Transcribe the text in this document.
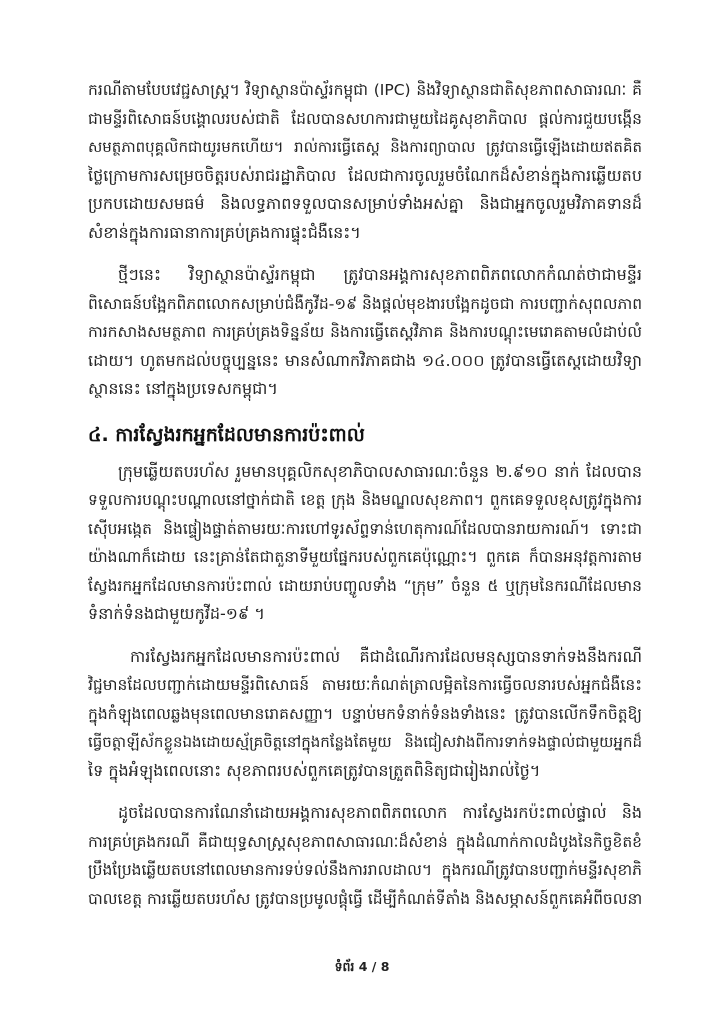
ករណីតាមបែបវេជ្ជសាស្ត្រ។ វិទ្យាស្ថានប៉ាស្ទ័រកម្ពុជា (IPC) និងវិទ្យាស្ថានជាតិសុខភាពសាធារណៈ គឺ
ជាមន្ទីរពិសោធន៍បង្គោលរបស់ជាតិ ដែលបានសហការជាមួយដៃគូសុខាភិបាល ផ្តល់ការជួយបង្កើន
សមត្ថភាពបុគ្គលិកជាយូរមកហើយ។ រាល់ការធ្វើតេស្ត និងការព្យាបាល ត្រូវបានធ្វើឡើងដោយឥតគិត
ថ្លៃក្រោមការសម្រេចចិត្តរបស់រាជរដ្ឋាភិបាល ដែលជាការចូលរួមចំណែកដ៏សំខាន់ក្នុងការឆ្លើយតប
ប្រកបដោយសមធម៌ និងលទ្ធភាពទទួលបានសម្រាប់ទាំងអស់គ្នា និងជាអ្នកចូលរួមវិភាគទានដ៏
សំខាន់ក្នុងការធានាការគ្រប់គ្រងការផ្ទុះជំងឺនេះ។
ថ្មីៗនេះ វិទ្យាស្ថានប៉ាស្ទ័រកម្ពុជា ត្រូវបានអង្គការសុខភាពពិភពលោកកំណត់ថាជាមន្ទីរ
ពិសោធន៍បង្អែកពិភពលោកសម្រាប់ជំងឺកូវីដ-១៩ និងផ្តល់មុខងារបង្អែកដូចជា ការបញ្ជាក់សុពលភាព
ការកសាងសមត្ថភាព ការគ្រប់គ្រងទិន្នន័យ និងការធ្វើតេស្តវិភាគ និងការបណ្តុះមេរោគតាមលំដាប់លំ
ដោយ។ ហូតមកដល់បច្ចុប្បន្ននេះ មានសំណាកវិភាគជាង ១៤.០០០ ត្រូវបានធ្វើតេស្តដោយវិទ្យា
ស្ថាននេះ នៅក្នុងប្រទេសកម្ពុជា។
៤. ការស្វែងរកអ្នកដែលមានការប៉ះពាល់
ក្រុមឆ្លើយតបរហ័ស រួមមានបុគ្គលិកសុខាភិបាលសាធារណៈចំនួន ២.៩១០ នាក់ ដែលបាន
ទទួលការបណ្តុះបណ្តាលនៅថ្នាក់ជាតិ ខេត្ត ក្រុង និងមណ្ឌលសុខភាព។ ពួកគេទទួលខុសត្រូវក្នុងការ
ស៊ើបអង្កេត និងផ្ទៀងផ្ទាត់តាមរយៈការហៅទូរស័ព្ទទាន់ហេតុការណ៍ដែលបានរាយការណ៍។ ទោះជា
យ៉ាងណាក៏ដោយ នេះគ្រាន់តែជាតួនាទីមួយផ្នែករបស់ពួកគេប៉ុណ្ណោះ។ ពួកគេ ក៏បានអនុវត្តការតាម
ស្វែងរកអ្នកដែលមានការប៉ះពាល់ ដោយរាប់បញ្ចូលទាំង “ក្រុម” ចំនួន ៥ ឬក្រុមនៃករណីដែលមាន
ទំនាក់ទំនងជាមួយកូវីដ-១៩ ។
ការស្វែងរកអ្នកដែលមានការប៉ះពាល់ គឺជាដំណើរការដែលមនុស្សបានទាក់ទងនឹងករណី
វិជ្ជមានដែលបញ្ជាក់ដោយមន្ទីរពិសោធន៍ តាមរយៈកំណត់ត្រាលម្អិតនៃការធ្វើចលនារបស់អ្នកជំងឺនេះ
ក្នុងកំឡុងពេលឆ្លងមុនពេលមានរោគសញ្ញា។ បន្ទាប់មកទំនាក់ទំនងទាំងនេះ ត្រូវបានលើកទឹកចិត្តឱ្យ
ធ្វើចត្តាឡីស័កខ្លួនឯងដោយស្ម័គ្រចិត្តនៅក្នុងកន្លែងតែមួយ និងជៀសវាងពីការទាក់ទងផ្ទាល់ជាមួយអ្នកដ៏
ទៃ ក្នុងអំឡុងពេលនោះ សុខភាពរបស់ពួកគេត្រូវបានត្រួតពិនិត្យជារៀងរាល់ថ្ងៃ។
ដូចដែលបានការណែនាំដោយអង្គការសុខភាពពិភពលោក ការស្វែងរកប៉ះពាល់ផ្ទាល់ និង
ការគ្រប់គ្រងករណី គឺជាយុទ្ធសាស្ត្រសុខភាពសាធារណៈដ៏សំខាន់ ក្នុងដំណាក់កាលដំបូងនៃកិច្ចខិតខំ
ប្រឹងប្រែងឆ្លើយតបនៅពេលមានការទប់ទល់នឹងការរាលដាល។ ក្នុងករណីត្រូវបានបញ្ជាក់មន្ទីរសុខាភិ
បាលខេត្ត ការឆ្លើយតបរហ័ស ត្រូវបានប្រមូលផ្តុំធ្វើ ដើម្បីកំណត់ទីតាំង និងសម្ភាសន៍ពួកគេអំពីចលនា
ទំព័រ 4 / 8
